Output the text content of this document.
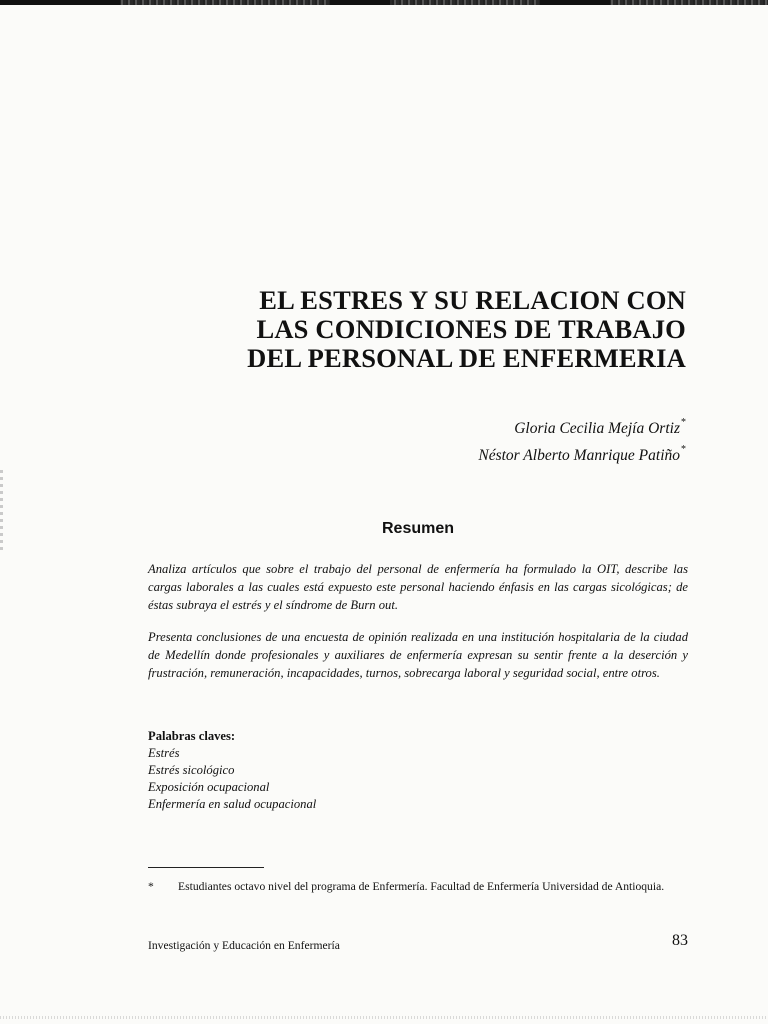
EL ESTRES Y SU RELACION CON
LAS CONDICIONES DE TRABAJO
DEL PERSONAL DE ENFERMERIA
Gloria Cecilia Mejía Ortiz*
Néstor Alberto Manrique Patiño*
Resumen

Analiza artículos que sobre el trabajo del personal de enfermería ha formulado la OIT, describe las cargas laborales a las cuales está expuesto este personal haciendo énfasis en las cargas sicológicas; de éstas subraya el estrés y el síndrome de Burn out.

Presenta conclusiones de una encuesta de opinión realizada en una institución hospitalaria de la ciudad de Medellín donde profesionales y auxiliares de enfermería expresan su sentir frente a la deserción y frustración, remuneración, incapacidades, turnos, sobrecarga laboral y seguridad social, entre otros.

Palabras claves:
Estrés
Estrés sicológico
Exposición ocupacional
Enfermería en salud ocupacional
* Estudiantes octavo nivel del programa de Enfermería. Facultad de Enfermería Universidad de Antioquia.
Investigación y Educación en Enfermería	83
